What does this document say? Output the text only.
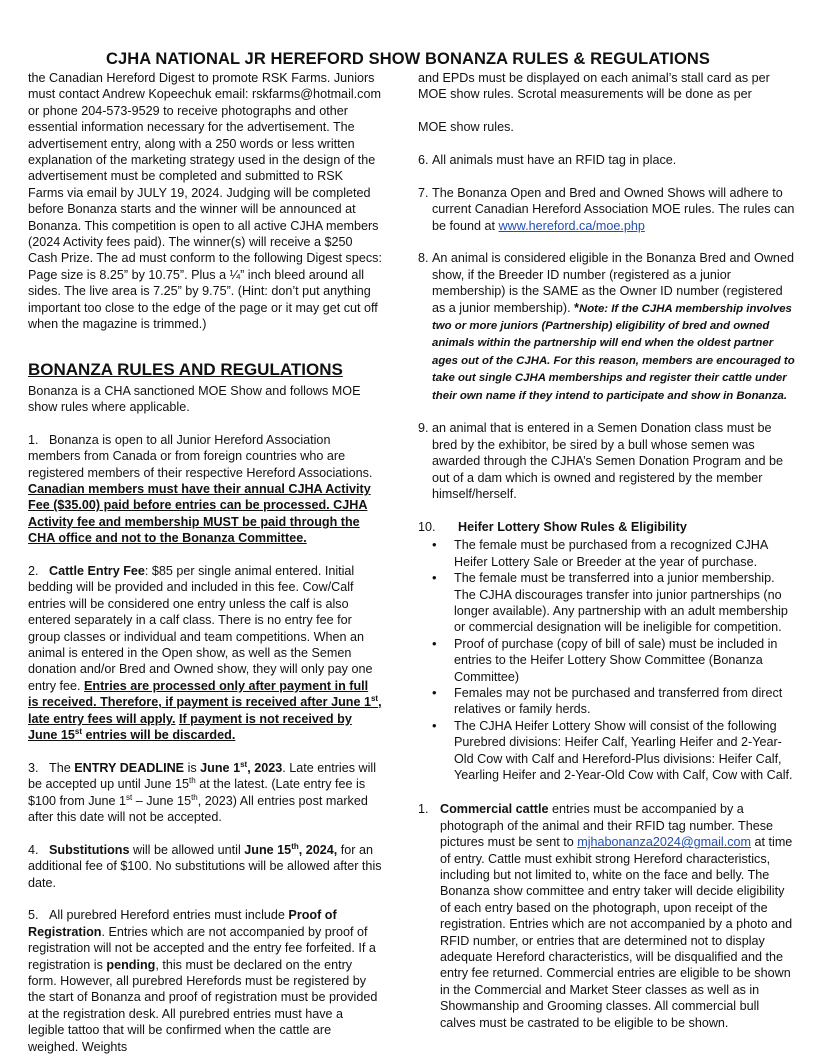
CJHA NATIONAL JR HEREFORD SHOW BONANZA RULES & REGULATIONS

the Canadian Hereford Digest to promote RSK Farms. Juniors must contact Andrew Kopeechuk email: rskfarms@hotmail.com or phone 204-573-9529 to receive photographs and other essential information necessary for the advertisement. The advertisement entry, along with a 250 words or less written explanation of the marketing strategy used in the design of the advertisement must be completed and submitted to RSK Farms via email by JULY 19, 2024. Judging will be completed before Bonanza starts and the winner will be announced at Bonanza. This competition is open to all active CJHA members (2024 Activity fees paid). The winner(s) will receive a $250 Cash Prize. The ad must conform to the following Digest specs: Page size is 8.25” by 10.75”. Plus a ¼” inch bleed around all sides. The live area is 7.25” by 9.75”. (Hint: don’t put anything important too close to the edge of the page or it may get cut off when the magazine is trimmed.)

BONANZA RULES AND REGULATIONS

Bonanza is a CHA sanctioned MOE Show and follows MOE show rules where applicable.

1. Bonanza is open to all Junior Hereford Association members from Canada or from foreign countries who are registered members of their respective Hereford Associations. Canadian members must have their annual CJHA Activity Fee ($35.00) paid before entries can be processed. CJHA Activity fee and membership MUST be paid through the CHA office and not to the Bonanza Committee.

2. Cattle Entry Fee: $85 per single animal entered. Initial bedding will be provided and included in this fee. Cow/Calf entries will be considered one entry unless the calf is also entered separately in a calf class. There is no entry fee for group classes or individual and team competitions. When an animal is entered in the Open show, as well as the Semen donation and/or Bred and Owned show, they will only pay one entry fee. Entries are processed only after payment in full is received. Therefore, if payment is received after June 1st, late entry fees will apply. If payment is not received by June 15st entries will be discarded.

3. The ENTRY DEADLINE is June 1st, 2023. Late entries will be accepted up until June 15th at the latest. (Late entry fee is $100 from June 1st – June 15th, 2023) All entries post marked after this date will not be accepted.

4. Substitutions will be allowed until June 15th, 2024, for an additional fee of $100. No substitutions will be allowed after this date.

5. All purebred Hereford entries must include Proof of Registration. Entries which are not accompanied by proof of registration will not be accepted and the entry fee forfeited. If a registration is pending, this must be declared on the entry form. However, all purebred Herefords must be registered by the start of Bonanza and proof of registration must be provided at the registration desk. All purebred entries must have a legible tattoo that will be confirmed when the cattle are weighed. Weights

and EPDs must be displayed on each animal’s stall card as per MOE show rules. Scrotal measurements will be done as per

MOE show rules.

6. All animals must have an RFID tag in place.
7. The Bonanza Open and Bred and Owned Shows will adhere to current Canadian Hereford Association MOE rules. The rules can be found at www.hereford.ca/moe.php
8. An animal is considered eligible in the Bonanza Bred and Owned show, if the Breeder ID number (registered as a junior membership) is the SAME as the Owner ID number (registered as a junior membership). *Note: If the CJHA membership involves two or more juniors (Partnership) eligibility of bred and owned animals within the partnership will end when the oldest partner ages out of the CJHA. For this reason, members are encouraged to take out single CJHA memberships and register their cattle under their own name if they intend to participate and show in Bonanza.
9. an animal that is entered in a Semen Donation class must be bred by the exhibitor, be sired by a bull whose semen was awarded through the CJHA’s Semen Donation Program and be out of a dam which is owned and registered by the member himself/herself.
10.	Heifer Lottery Show Rules & Eligibility
• The female must be purchased from a recognized CJHA Heifer Lottery Sale or Breeder at the year of purchase.
• The female must be transferred into a junior membership. The CJHA discourages transfer into junior partnerships (no longer available). Any partnership with an adult membership or commercial designation will be ineligible for competition.
• Proof of purchase (copy of bill of sale) must be included in entries to the Heifer Lottery Show Committee (Bonanza Committee)
• Females may not be purchased and transferred from direct relatives or family herds.
• The CJHA Heifer Lottery Show will consist of the following Purebred divisions: Heifer Calf, Yearling Heifer and 2-Year-Old Cow with Calf and Hereford-Plus divisions: Heifer Calf, Yearling Heifer and 2-Year-Old Cow with Calf, Cow with Calf.
1. Commercial cattle entries must be accompanied by a photograph of the animal and their RFID tag number. These pictures must be sent to mjhabonanza2024@gmail.com at time of entry. Cattle must exhibit strong Hereford characteristics, including but not limited to, white on the face and belly. The Bonanza show committee and entry taker will decide eligibility of each entry based on the photograph, upon receipt of the registration. Entries which are not accompanied by a photo and RFID number, or entries that are determined not to display adequate Hereford characteristics, will be disqualified and the entry fee returned. Commercial entries are eligible to be shown in the Commercial and Market Steer classes as well as in Showmanship and Grooming classes. All commercial bull calves must be castrated to be eligible to be shown.
